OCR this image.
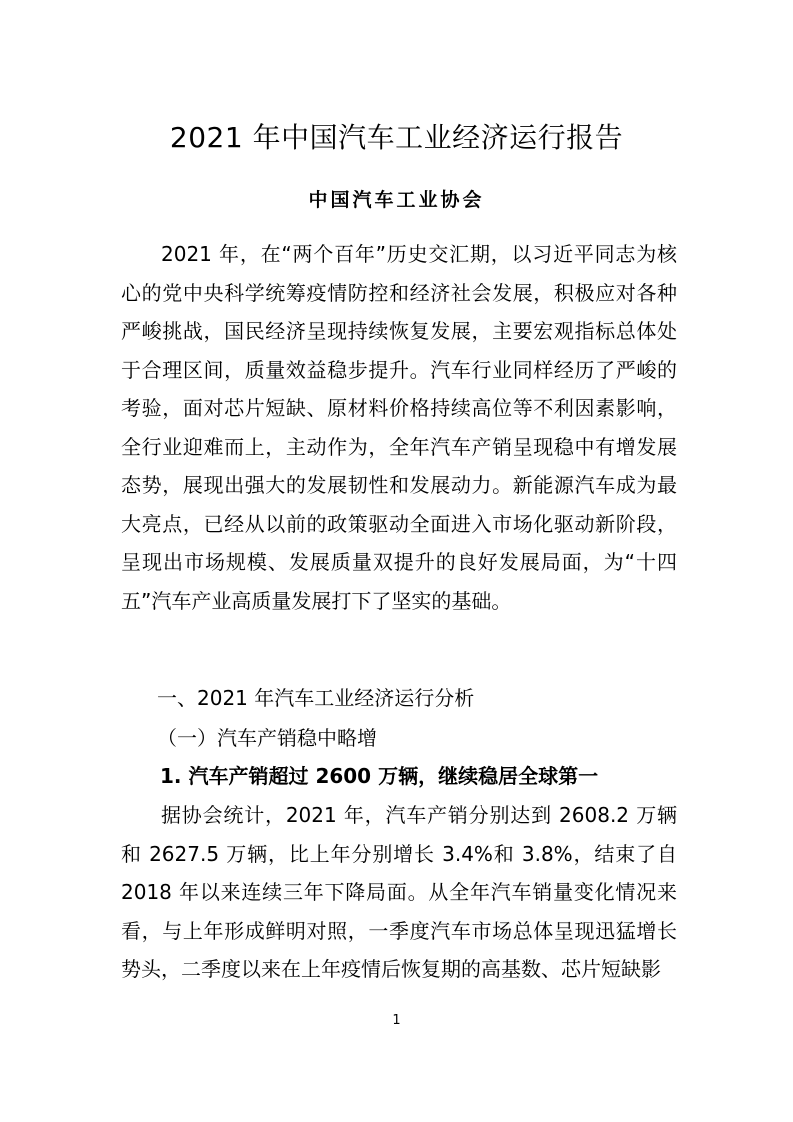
2021 年中国汽车工业经济运行报告
中国汽车工业协会
2021 年，在“两个百年”历史交汇期，以习近平同志为核心的党中央科学统筹疫情防控和经济社会发展，积极应对各种严峻挑战，国民经济呈现持续恢复发展，主要宏观指标总体处于合理区间，质量效益稳步提升。汽车行业同样经历了严峻的考验，面对芯片短缺、原材料价格持续高位等不利因素影响，全行业迎难而上，主动作为，全年汽车产销呈现稳中有增发展态势，展现出强大的发展韧性和发展动力。新能源汽车成为最大亮点，已经从以前的政策驱动全面进入市场化驱动新阶段，呈现出市场规模、发展质量双提升的良好发展局面，为“十四五”汽车产业高质量发展打下了坚实的基础。
一、2021 年汽车工业经济运行分析
（一）汽车产销稳中略增
1. 汽车产销超过 2600 万辆，继续稳居全球第一
据协会统计，2021 年，汽车产销分别达到 2608.2 万辆和 2627.5 万辆，比上年分别增长 3.4%和 3.8%，结束了自 2018 年以来连续三年下降局面。从全年汽车销量变化情况来看，与上年形成鲜明对照，一季度汽车市场总体呈现迅猛增长势头，二季度以来在上年疫情后恢复期的高基数、芯片短缺影
1
